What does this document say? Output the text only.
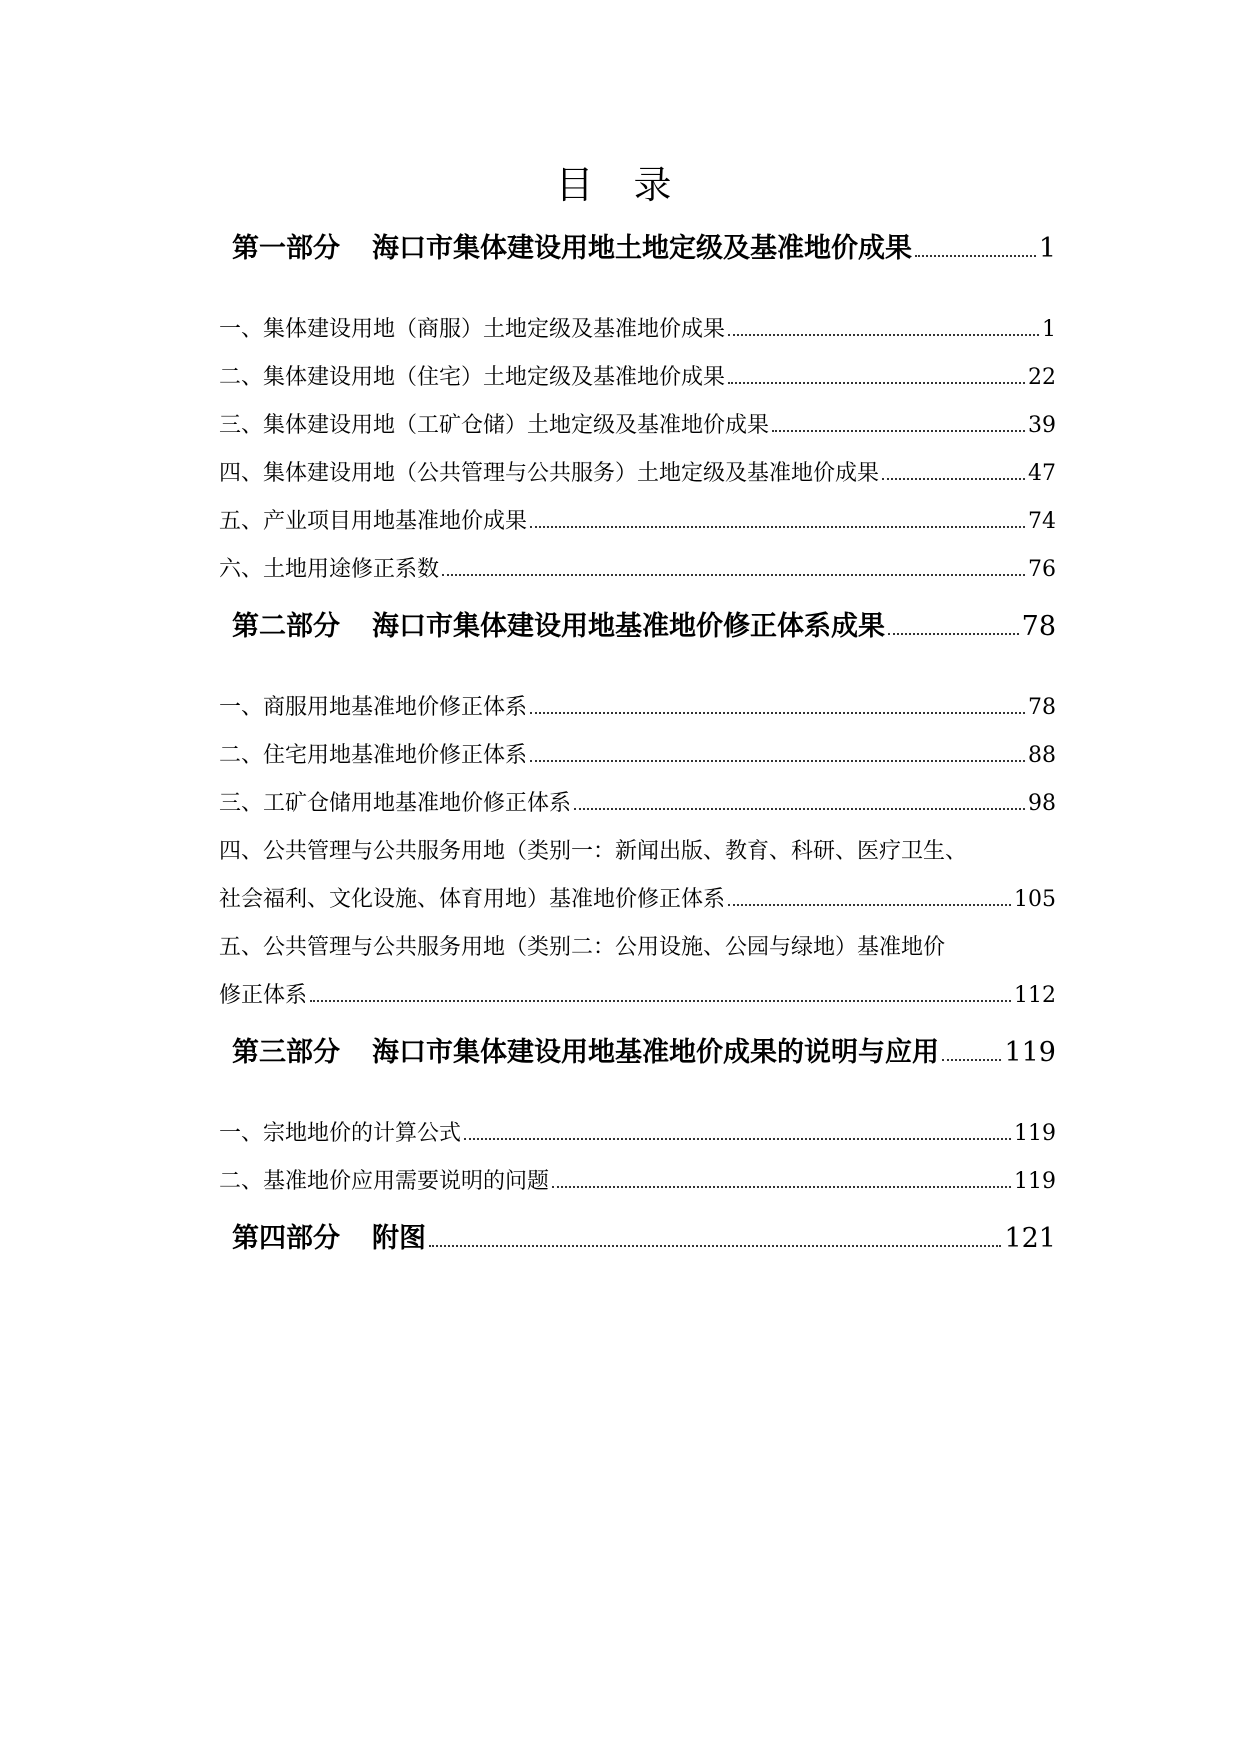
目 录
第一部分 海口市集体建设用地土地定级及基准地价成果	1
一、集体建设用地（商服）土地定级及基准地价成果	1
二、集体建设用地（住宅）土地定级及基准地价成果	22
三、集体建设用地（工矿仓储）土地定级及基准地价成果	39
四、集体建设用地（公共管理与公共服务）土地定级及基准地价成果	47
五、产业项目用地基准地价成果	74
六、土地用途修正系数	76
第二部分 海口市集体建设用地基准地价修正体系成果	78
一、商服用地基准地价修正体系	78
二、住宅用地基准地价修正体系	88
三、工矿仓储用地基准地价修正体系	98
四、公共管理与公共服务用地（类别一：新闻出版、教育、科研、医疗卫生、
社会福利、文化设施、体育用地）基准地价修正体系	105
五、公共管理与公共服务用地（类别二：公用设施、公园与绿地）基准地价
修正体系	112
第三部分 海口市集体建设用地基准地价成果的说明与应用 119
一、宗地地价的计算公式	119
二、基准地价应用需要说明的问题	119
第四部分 附图	121
